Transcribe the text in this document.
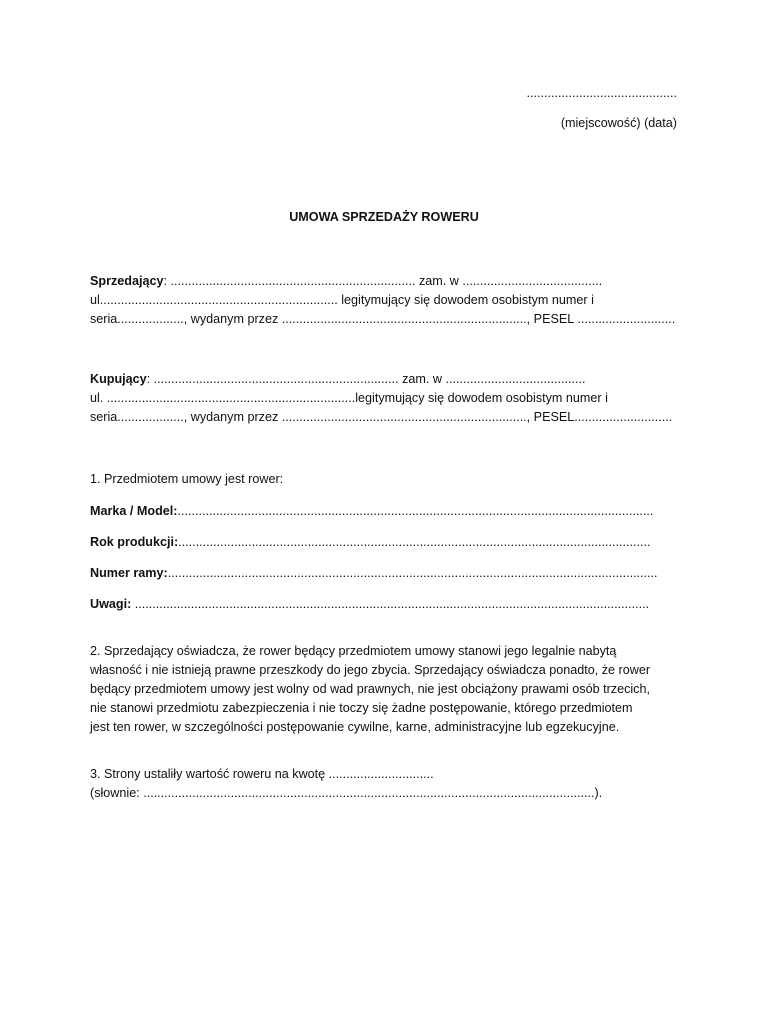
...........................................
(miejscowość) (data)
UMOWA SPRZEDAŻY ROWERU
Sprzedający: ...................................................................... zam. w ........................................
ul.................................................................... legitymujący się dowodem osobistym numer i
seria..................., wydanym przez ......................................................................, PESEL ............................
Kupujący: ...................................................................... zam. w ........................................
ul. .......................................................................legitymujący się dowodem osobistym numer i
seria..................., wydanym przez ......................................................................, PESEL............................
1. Przedmiotem umowy jest rower:
Marka / Model:........................................................................................................................................
Rok produkcji:.......................................................................................................................................
Numer ramy:............................................................................................................................................
Uwagi: ...................................................................................................................................................
2. Sprzedający oświadcza, że rower będący przedmiotem umowy stanowi jego legalnie nabytą
własność i nie istnieją prawne przeszkody do jego zbycia. Sprzedający oświadcza ponadto, że rower
będący przedmiotem umowy jest wolny od wad prawnych, nie jest obciążony prawami osób trzecich,
nie stanowi przedmiotu zabezpieczenia i nie toczy się żadne postępowanie, którego przedmiotem
jest ten rower, w szczególności postępowanie cywilne, karne, administracyjne lub egzekucyjne.
3. Strony ustaliły wartość roweru na kwotę ..............................
(słownie: .................................................................................................................................).
